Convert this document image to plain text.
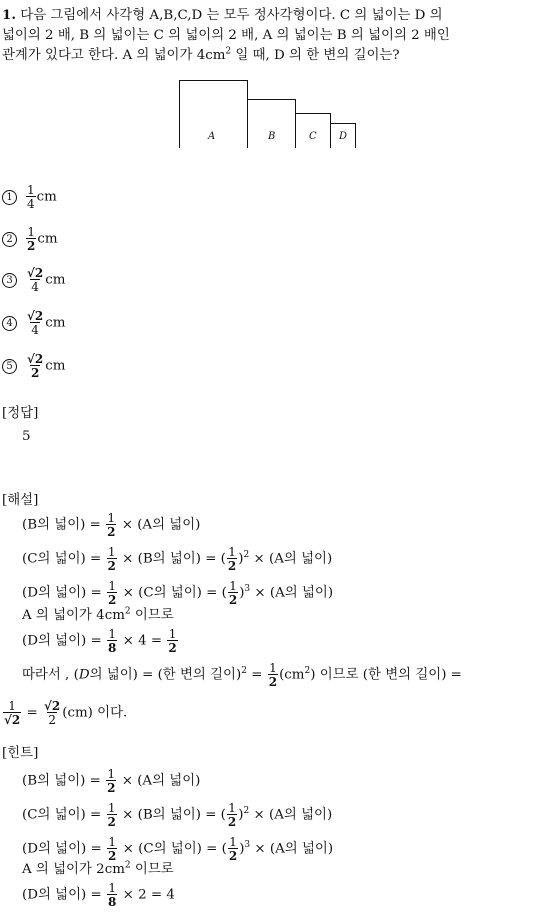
1. 다음 그림에서 사각형 A,B,C,D 는 모두 정사각형이다. C 의 넓이는 D 의
넓이의 2 배, B 의 넓이는 C 의 넓이의 2 배, A 의 넓이는 B 의 넓이의 2 배인
관계가 있다고 한다. A 의 넓이가 $4cm^2$ 일 때, D 의 한 변의 길이는?
A	B	C D
$1 \frac{1}{4}$ cm
$2 \frac{1}{2}$ cm
$3 \frac{√2}{4}$ cm
$4 \frac{√2}{4}$ cm
$5 \frac{√2}{2}$ cm
[정답]
5
[해설]
(B의 넓이) = $\frac{1}{2} \times (A$의 넓이)
(C의 넓이) = $\frac{1}{2} \times (B$의 넓이) = ( $\frac{1}{2} )^2 \times (A$의 넓이)
(D의 넓이) = $\frac{1}{2} \times (C$의 넓이) = ( $\frac{1}{2} )^3 \times (A$의 넓이)
A 의 넓이가 $4cm^2$ 이므로
(D의 넓이) = $\frac{1}{8} \times 4 = \frac{1}{2}$
따라서 , (D의 넓이) = (한 변의 길이)$^2 = \frac{1}{2} (cm^2)$ 이므로 (한 변의 길이) =
$\frac{1}{√2} = \frac{√2}{2} (cm)$ 이다.
[힌트]
(B의 넓이) = $\frac{1}{2} \times (A$의 넓이)
(C의 넓이) = $\frac{1}{2} \times (B$의 넓이) = ( $\frac{1}{2} )^2 \times (A$의 넓이)
(D의 넓이) = $\frac{1}{2} \times (C$의 넓이) = ( $\frac{1}{2} )^3 \times (A$의 넓이)
A 의 넓이가 $2cm^2$ 이므로
(D의 넓이) = $\frac{1}{8} \times 2 = 4$
